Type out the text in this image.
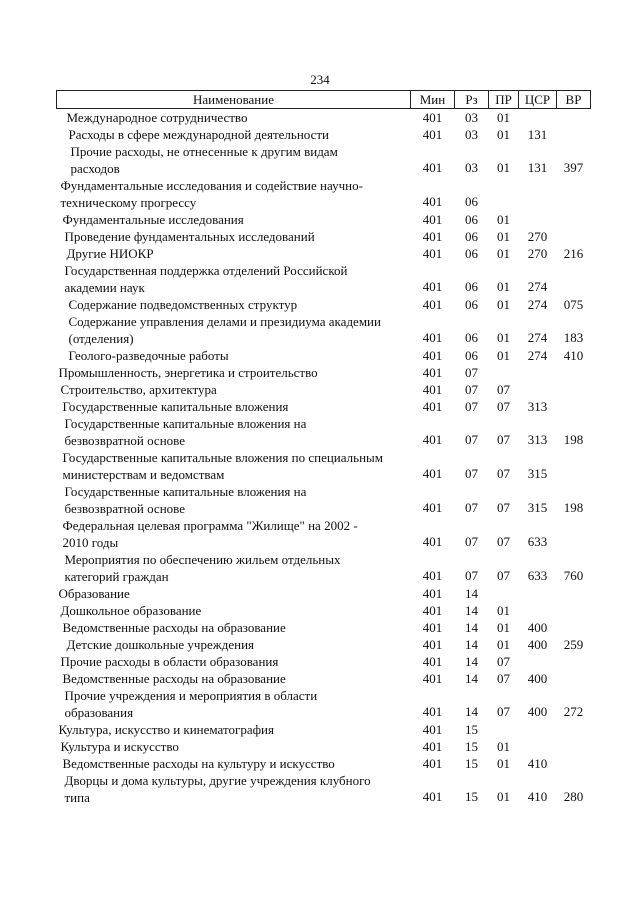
234
Наименование	Мин	Рз	ПР	ЦСР	ВР
Международное сотрудничество	401	03	01		
Расходы в сфере международной деятельности	401	03	01	131	
Прочие расходы, не отнесенные к другим видам
расходов	401	03	01	131	397
Фундаментальные исследования и содействие научно-
техническому прогрессу	401	06			
Фундаментальные исследования	401	06	01		
Проведение фундаментальных исследований	401	06	01	270	
Другие НИОКР	401	06	01	270	216
Государственная поддержка отделений Российской
академии наук	401	06	01	274	
Содержание подведомственных структур	401	06	01	274	075
Содержание управления делами и президиума академии
(отделения)	401	06	01	274	183
Геолого-разведочные работы	401	06	01	274	410
Промышленность, энергетика и строительство	401	07			
Строительство, архитектура	401	07	07		
Государственные капитальные вложения	401	07	07	313	
Государственные капитальные вложения на
безвозвратной основе	401	07	07	313	198
Государственные капитальные вложения по специальным
министерствам и ведомствам	401	07	07	315	
Государственные капитальные вложения на
безвозвратной основе	401	07	07	315	198
Федеральная целевая программа "Жилище" на 2002 -
2010 годы	401	07	07	633	
Мероприятия по обеспечению жильем отдельных
категорий граждан	401	07	07	633	760
Образование	401	14			
Дошкольное образование	401	14	01		
Ведомственные расходы на образование	401	14	01	400	
Детские дошкольные учреждения	401	14	01	400	259
Прочие расходы в области образования	401	14	07		
Ведомственные расходы на образование	401	14	07	400	
Прочие учреждения и мероприятия в области
образования	401	14	07	400	272
Культура, искусство и кинематография	401	15			
Культура и искусство	401	15	01		
Ведомственные расходы на культуру и искусство	401	15	01	410	
Дворцы и дома культуры, другие учреждения клубного
типа	401	15	01	410	280
